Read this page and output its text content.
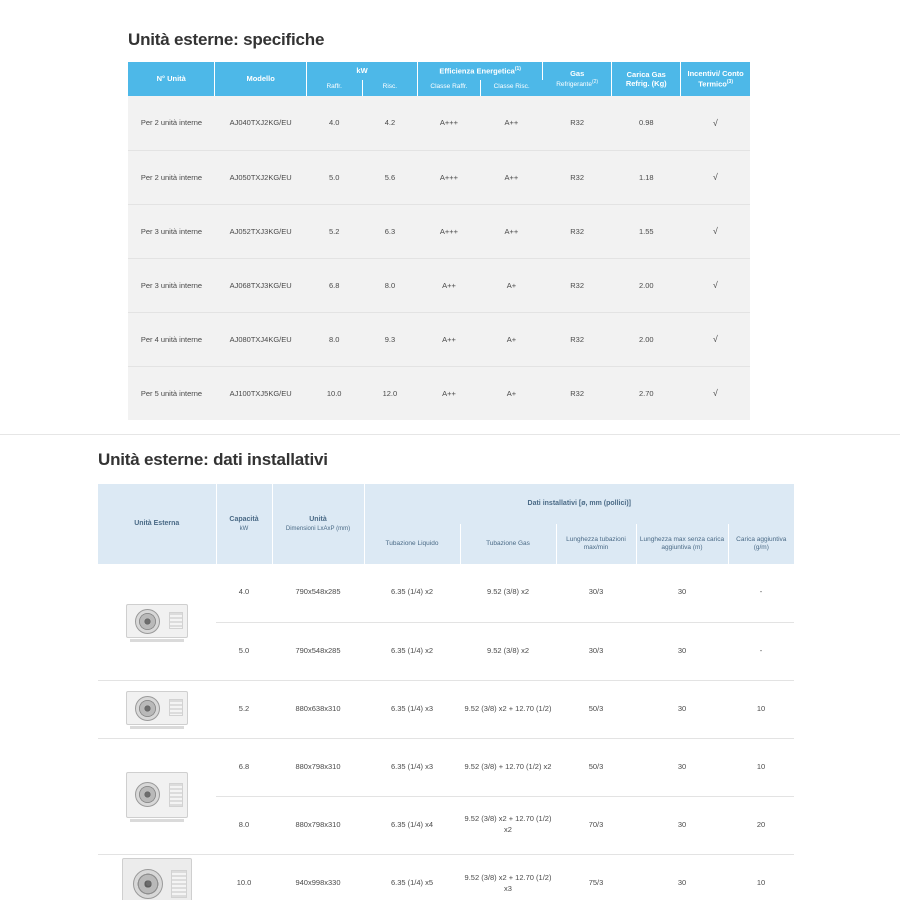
Unità esterne: specifiche
N° Unità	Modello	kW		Efficienza Energetica$^{(1)}$		Gas
Refrigerante$^{(2)}$	Carica Gas Refrig. (Kg)	Incentivi/ Conto Termico$^{(3)}$
		Raffr.	Risc.	Classe Raffr.	Classe Risc.			
Per 2 unità interne	AJ040TXJ2KG/EU	4.0	4.2	A+++	A++	R32	0.98	√
Per 2 unità interne	AJ050TXJ2KG/EU	5.0	5.6	A+++	A++	R32	1.18	√
Per 3 unità interne	AJ052TXJ3KG/EU	5.2	6.3	A+++	A++	R32	1.55	√
Per 3 unità interne	AJ068TXJ3KG/EU	6.8	8.0	A++	A+	R32	2.00	√
Per 4 unità interne	AJ080TXJ4KG/EU	8.0	9.3	A++	A+	R32	2.00	√
Per 5 unità interne	AJ100TXJ5KG/EU	10.0	12.0	A++	A+	R32	2.70	√
Unità esterne: dati installativi
Unità Esterna	Capacità
kW	Unità
Dimensioni LxAxP (mm)	Dati installativi [ø, mm (pollici)]				
			Tubazione Liquido	Tubazione Gas	Lunghezza tubazioni max/min	Lunghezza max senza carica aggiuntiva (m)	Carica aggiuntiva (g/m)

	4.0	790x548x285	6.35 (1/4) x2	9.52 (3/8) x2	30/3	30	-
	5.0	790x548x285	6.35 (1/4) x2	9.52 (3/8) x2	30/3	30	-

	5.2	880x638x310	6.35 (1/4) x3	9.52 (3/8) x2 + 12.70 (1/2)	50/3	30	10

	6.8	880x798x310	6.35 (1/4) x3	9.52 (3/8) + 12.70 (1/2) x2	50/3	30	10
	8.0	880x798x310	6.35 (1/4) x4	9.52 (3/8) x2 + 12.70 (1/2) x2	70/3	30	20

	10.0	940x998x330	6.35 (1/4) x5	9.52 (3/8) x2 + 12.70 (1/2) x3	75/3	30	10
